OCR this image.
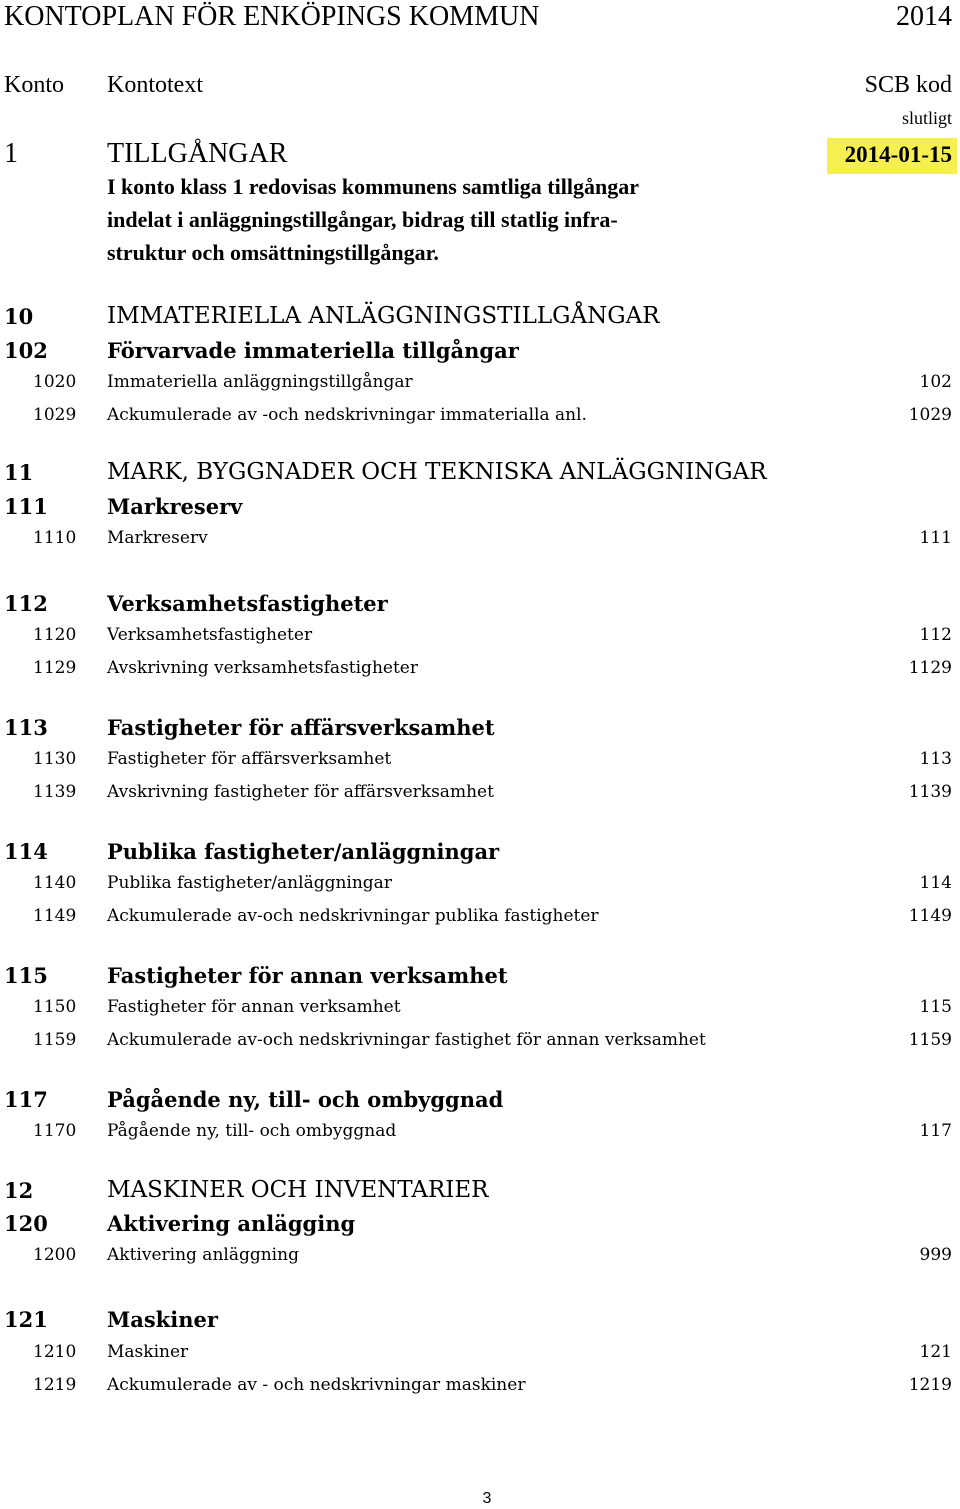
KONTOPLAN FÖR ENKÖPINGS KOMMUN	2014
Konto Kontotext	SCB kod
slutligt
2014-01-15
1	TILLGÅNGAR
I konto klass 1 redovisas kommunens samtliga tillgångar
indelat i anläggningstillgångar, bidrag till statlig infra-
struktur och omsättningstillgångar.
10	IMMATERIELLA ANLÄGGNINGSTILLGÅNGAR
102	Förvarvade immateriella tillgångar
1020 Immateriella anläggningstillgångar	102
1029 Ackumulerade av -och nedskrivningar immaterialla anl.	1029
11	MARK, BYGGNADER OCH TEKNISKA ANLÄGGNINGAR
111	Markreserv
1110 Markreserv	111
112	Verksamhetsfastigheter
1120 Verksamhetsfastigheter	112
1129 Avskrivning verksamhetsfastigheter	1129
113	Fastigheter för affärsverksamhet
1130 Fastigheter för affärsverksamhet	113
1139 Avskrivning fastigheter för affärsverksamhet	1139
114	Publika fastigheter/anläggningar
1140 Publika fastigheter/anläggningar	114
1149 Ackumulerade av-och nedskrivningar publika fastigheter	1149
115	Fastigheter för annan verksamhet
1150 Fastigheter för annan verksamhet	115
1159 Ackumulerade av-och nedskrivningar fastighet för annan verksamhet	1159
117	Pågående ny, till- och ombyggnad
1170 Pågående ny, till- och ombyggnad	117
12	MASKINER OCH INVENTARIER
120	Aktivering anlägging
1200 Aktivering anläggning	999
121	Maskiner
1210 Maskiner	121
1219 Ackumulerade av - och nedskrivningar maskiner	1219
3
